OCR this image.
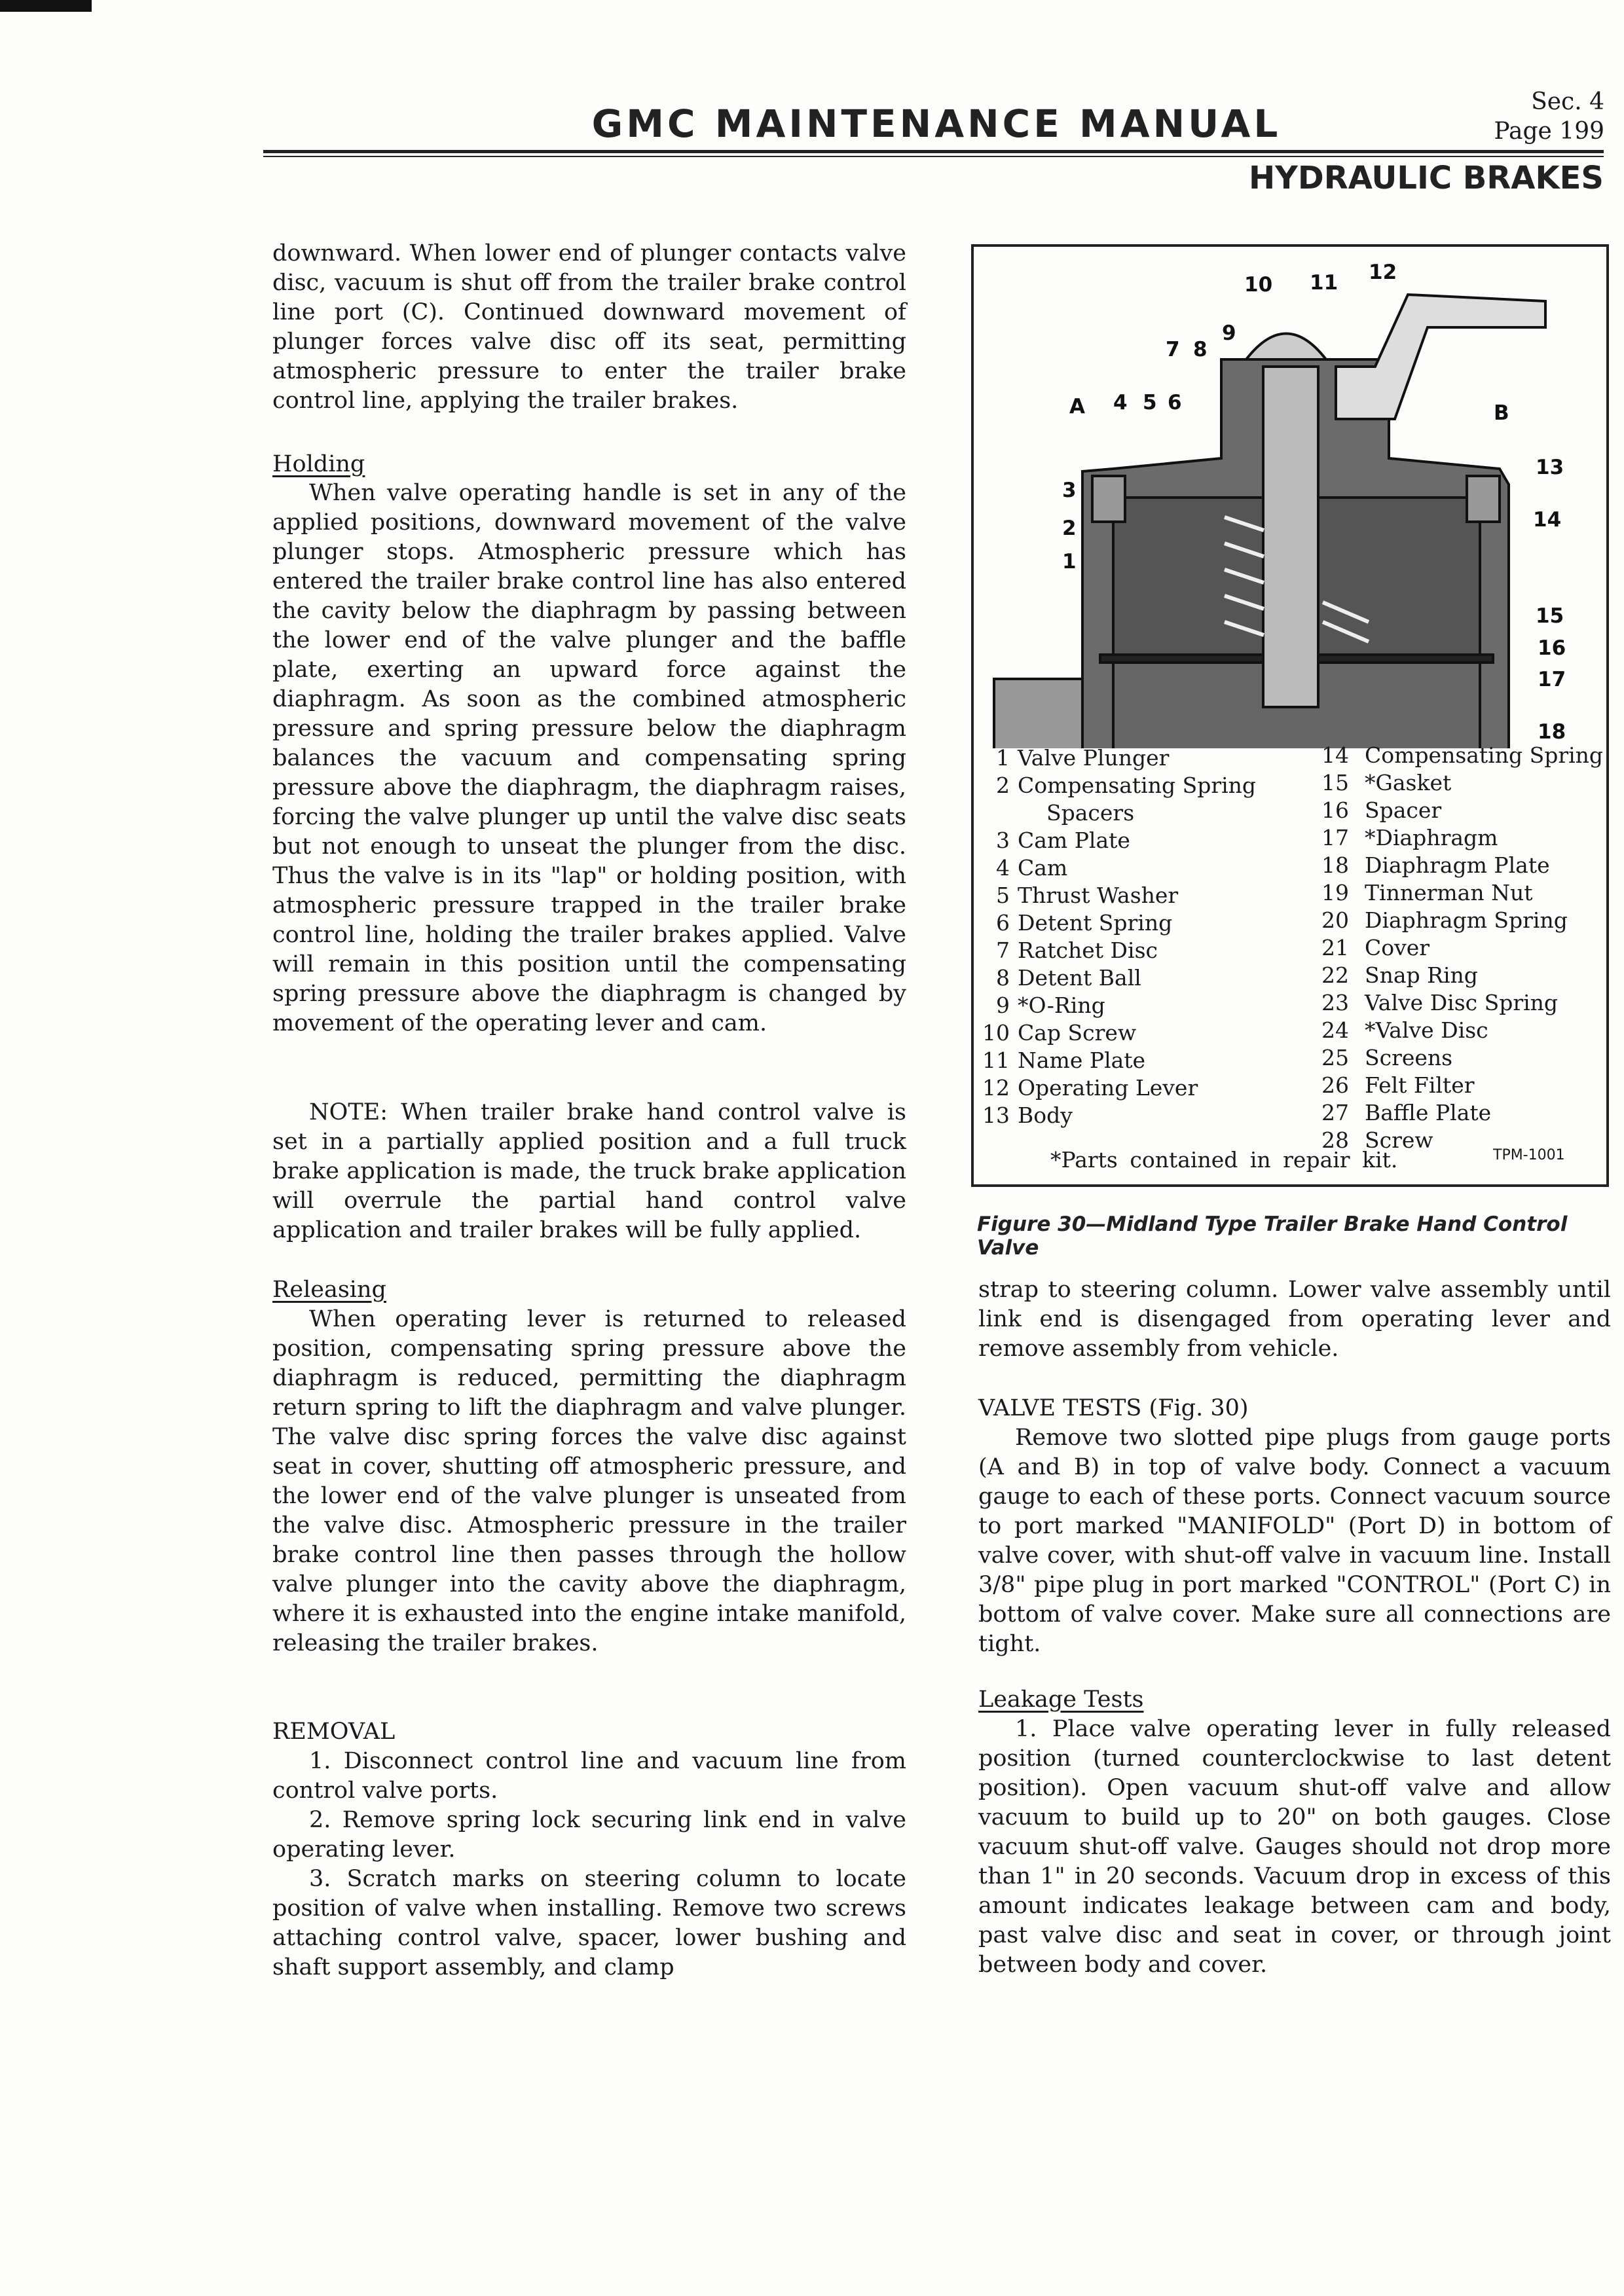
GMC MAINTENANCE MANUAL	Sec. 4
Page 199
HYDRAULIC BRAKES
downward. When lower end of plunger contacts valve disc, vacuum is shut off from the trailer brake control line port (C). Continued downward movement of plunger forces valve disc off its seat, permitting atmospheric pressure to enter the trailer brake control line, applying the trailer brakes.
Holding
When valve operating handle is set in any of the applied positions, downward movement of the valve plunger stops. Atmospheric pressure which has entered the trailer brake control line has also entered the cavity below the diaphragm by passing between the lower end of the valve plunger and the baffle plate, exerting an upward force against the diaphragm. As soon as the combined atmospheric pressure and spring pressure below the diaphragm balances the vacuum and compensating spring pressure above the diaphragm, the diaphragm raises, forcing the valve plunger up until the valve disc seats but not enough to unseat the plunger from the disc. Thus the valve is in its "lap" or holding position, with atmospheric pressure trapped in the trailer brake control line, holding the trailer brakes applied. Valve will remain in this position until the compensating spring pressure above the diaphragm is changed by movement of the operating lever and cam.
NOTE: When trailer brake hand control valve is set in a partially applied position and a full truck brake application is made, the truck brake application will overrule the partial hand control valve application and trailer brakes will be fully applied.
Releasing
When operating lever is returned to released position, compensating spring pressure above the diaphragm is reduced, permitting the diaphragm return spring to lift the diaphragm and valve plunger. The valve disc spring forces the valve disc against seat in cover, shutting off atmospheric pressure, and the lower end of the valve plunger is unseated from the valve disc. Atmospheric pressure in the trailer brake control line then passes through the hollow valve plunger into the cavity above the diaphragm, where it is exhausted into the engine intake manifold, releasing the trailer brakes.
REMOVAL
1. Disconnect control line and vacuum line from control valve ports.
2. Remove spring lock securing link end in valve operating lever.
3. Scratch marks on steering column to locate position of valve when installing. Remove two screws attaching control valve, spacer, lower bushing and shaft support assembly, and clamp
1
2
3
4 5 6
7 8
9
10 11 12
13
14
15
16
17
18
A	B
1 Valve Plunger
2 Compensating Spring
Spacers
3 Cam Plate
4 Cam
5 Thrust Washer
6 Detent Spring
7 Ratchet Disc
8 Detent Ball
9 *O-Ring
10 Cap Screw
11 Name Plate
12 Operating Lever
13 Body
14 Compensating Spring
15 *Gasket
16 Spacer
17 *Diaphragm
18 Diaphragm Plate
19 Tinnerman Nut
20 Diaphragm Spring
21 Cover
22 Snap Ring
23 Valve Disc Spring
24 *Valve Disc
25 Screens
26 Felt Filter
27 Baffle Plate
28 Screw
*Parts contained in repair kit.	TPM-1001
Figure 30—Midland Type Trailer Brake Hand Control Valve
strap to steering column. Lower valve assembly until link end is disengaged from operating lever and remove assembly from vehicle.
VALVE TESTS (Fig. 30)
Remove two slotted pipe plugs from gauge ports (A and B) in top of valve body. Connect a vacuum gauge to each of these ports. Connect vacuum source to port marked "MANIFOLD" (Port D) in bottom of valve cover, with shut-off valve in vacuum line. Install 3/8" pipe plug in port marked "CONTROL" (Port C) in bottom of valve cover. Make sure all connections are tight.
Leakage Tests
1. Place valve operating lever in fully released position (turned counterclockwise to last detent position). Open vacuum shut-off valve and allow vacuum to build up to 20" on both gauges. Close vacuum shut-off valve. Gauges should not drop more than 1" in 20 seconds. Vacuum drop in excess of this amount indicates leakage between cam and body, past valve disc and seat in cover, or through joint between body and cover.
